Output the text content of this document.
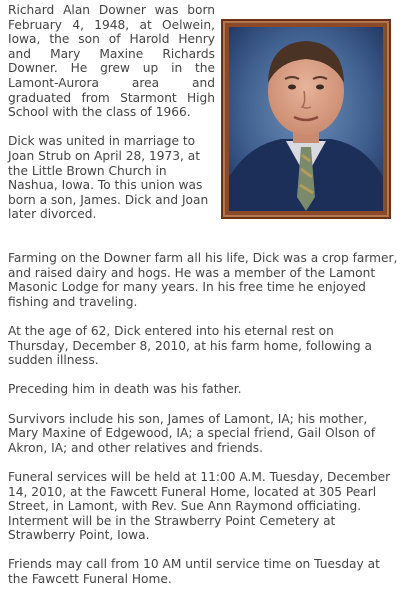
Richard Alan Downer was born February 4, 1948, at Oelwein, Iowa, the son of Harold Henry and Mary Maxine Richards Downer. He grew up in the Lamont-Aurora area and graduated from Starmont High School with the class of 1966.

Dick was united in marriage to Joan Strub on April 28, 1973, at the Little Brown Church in Nashua, Iowa. To this union was born a son, James. Dick and Joan later divorced.

Farming on the Downer farm all his life, Dick was a crop farmer, and raised dairy and hogs. He was a member of the Lamont Masonic Lodge for many years. In his free time he enjoyed fishing and traveling.

At the age of 62, Dick entered into his eternal rest on Thursday, December 8, 2010, at his farm home, following a sudden illness.

Preceding him in death was his father.

Survivors include his son, James of Lamont, IA; his mother, Mary Maxine of Edgewood, IA; a special friend, Gail Olson of Akron, IA; and other relatives and friends.

Funeral services will be held at 11:00 A.M. Tuesday, December 14, 2010, at the Fawcett Funeral Home, located at 305 Pearl Street, in Lamont, with Rev. Sue Ann Raymond officiating. Interment will be in the Strawberry Point Cemetery at Strawberry Point, Iowa.

Friends may call from 10 AM until service time on Tuesday at the Fawcett Funeral Home.
